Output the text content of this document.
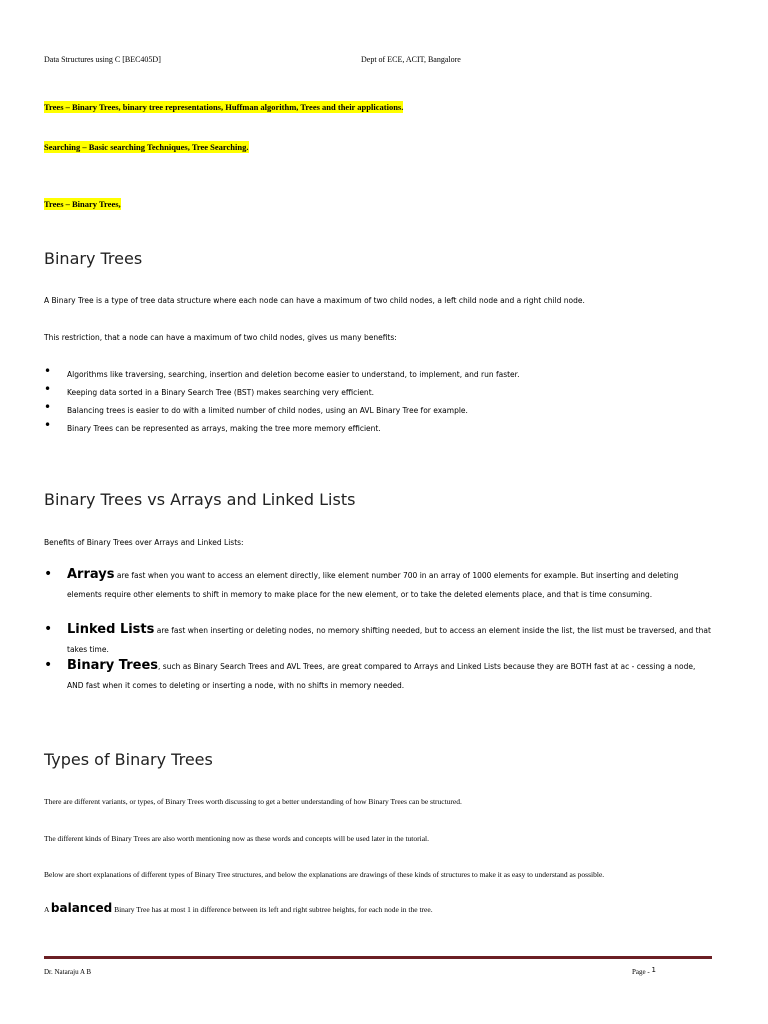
Data Structures using C [BEC405D]	Dept of ECE, ACIT, Bangalore
Trees – Binary Trees, binary tree representations, Huffman algorithm, Trees and their applications.
Searching – Basic searching Techniques, Tree Searching.
Trees – Binary Trees,
Binary Trees
A Binary Tree is a type of tree data structure where each node can have a maximum of two child nodes, a left child node and a right child node.
This restriction, that a node can have a maximum of two child nodes, gives us many benefits:
• Algorithms like traversing, searching, insertion and deletion become easier to understand, to implement, and run faster.
• Keeping data sorted in a Binary Search Tree (BST) makes searching very efficient.
• Balancing trees is easier to do with a limited number of child nodes, using an AVL Binary Tree for example.
• Binary Trees can be represented as arrays, making the tree more memory efficient.
Binary Trees vs Arrays and Linked Lists
Benefits of Binary Trees over Arrays and Linked Lists:
• Arrays are fast when you want to access an element directly, like element number 700 in an array of 1000 elements for example. But inserting and deleting elements require other elements to shift in memory to make place for the new element, or to take the deleted elements place, and that is time consuming.
• Linked Lists are fast when inserting or deleting nodes, no memory shifting needed, but to access an element inside the list, the list must be traversed, and that takes time.
• Binary Trees, such as Binary Search Trees and AVL Trees, are great compared to Arrays and Linked Lists because they are BOTH fast at ac - cessing a node, AND fast when it comes to deleting or inserting a node, with no shifts in memory needed.
Types of Binary Trees
There are different variants, or types, of Binary Trees worth discussing to get a better understanding of how Binary Trees can be structured.
The different kinds of Binary Trees are also worth mentioning now as these words and concepts will be used later in the tutorial.
Below are short explanations of different types of Binary Tree structures, and below the explanations are drawings of these kinds of structures to make it as easy to understand as possible.
A balanced Binary Tree has at most 1 in difference between its left and right subtree heights, for each node in the tree.
Dr. Nataraju A B	Page - 1
